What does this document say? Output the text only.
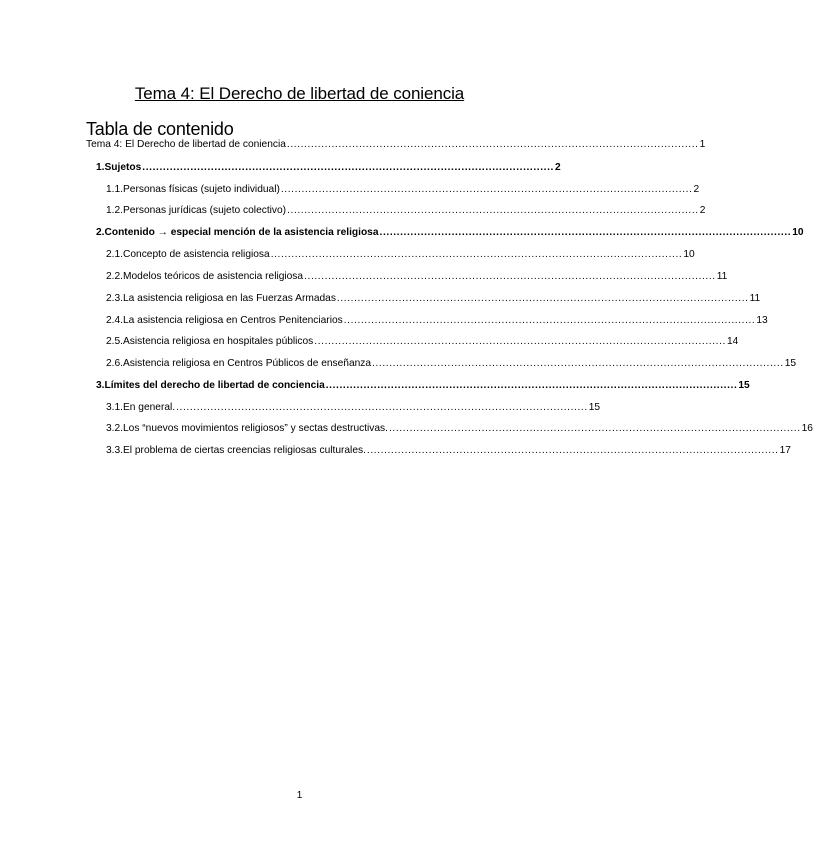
Tema 4: El Derecho de libertad de coniencia
Tabla de contenido
Tema 4: El Derecho de libertad de coniencia ........................................................................................................................ 1
1. Sujetos ........................................................................................................................ 2
1.1. Personas físicas (sujeto individual) ........................................................................................................................ 2
1.2. Personas jurídicas (sujeto colectivo) ........................................................................................................................ 2
2. Contenido → especial mención de la asistencia religiosa ........................................................................................................................ 10
2.1. Concepto de asistencia religiosa ........................................................................................................................ 10
2.2. Modelos teóricos de asistencia religiosa ........................................................................................................................ 11
2.3. La asistencia religiosa en las Fuerzas Armadas ........................................................................................................................ 11
2.4. La asistencia religiosa en Centros Penitenciarios ........................................................................................................................ 13
2.5. Asistencia religiosa en hospitales públicos ........................................................................................................................ 14
2.6. Asistencia religiosa en Centros Públicos de enseñanza ........................................................................................................................ 15
3. Límites del derecho de libertad de conciencia ........................................................................................................................ 15
3.1. En general. ........................................................................................................................ 15
3.2. Los “nuevos movimientos religiosos” y sectas destructivas. ........................................................................................................................ 16
3.3. El problema de ciertas creencias religiosas culturales. ........................................................................................................................ 17
1
